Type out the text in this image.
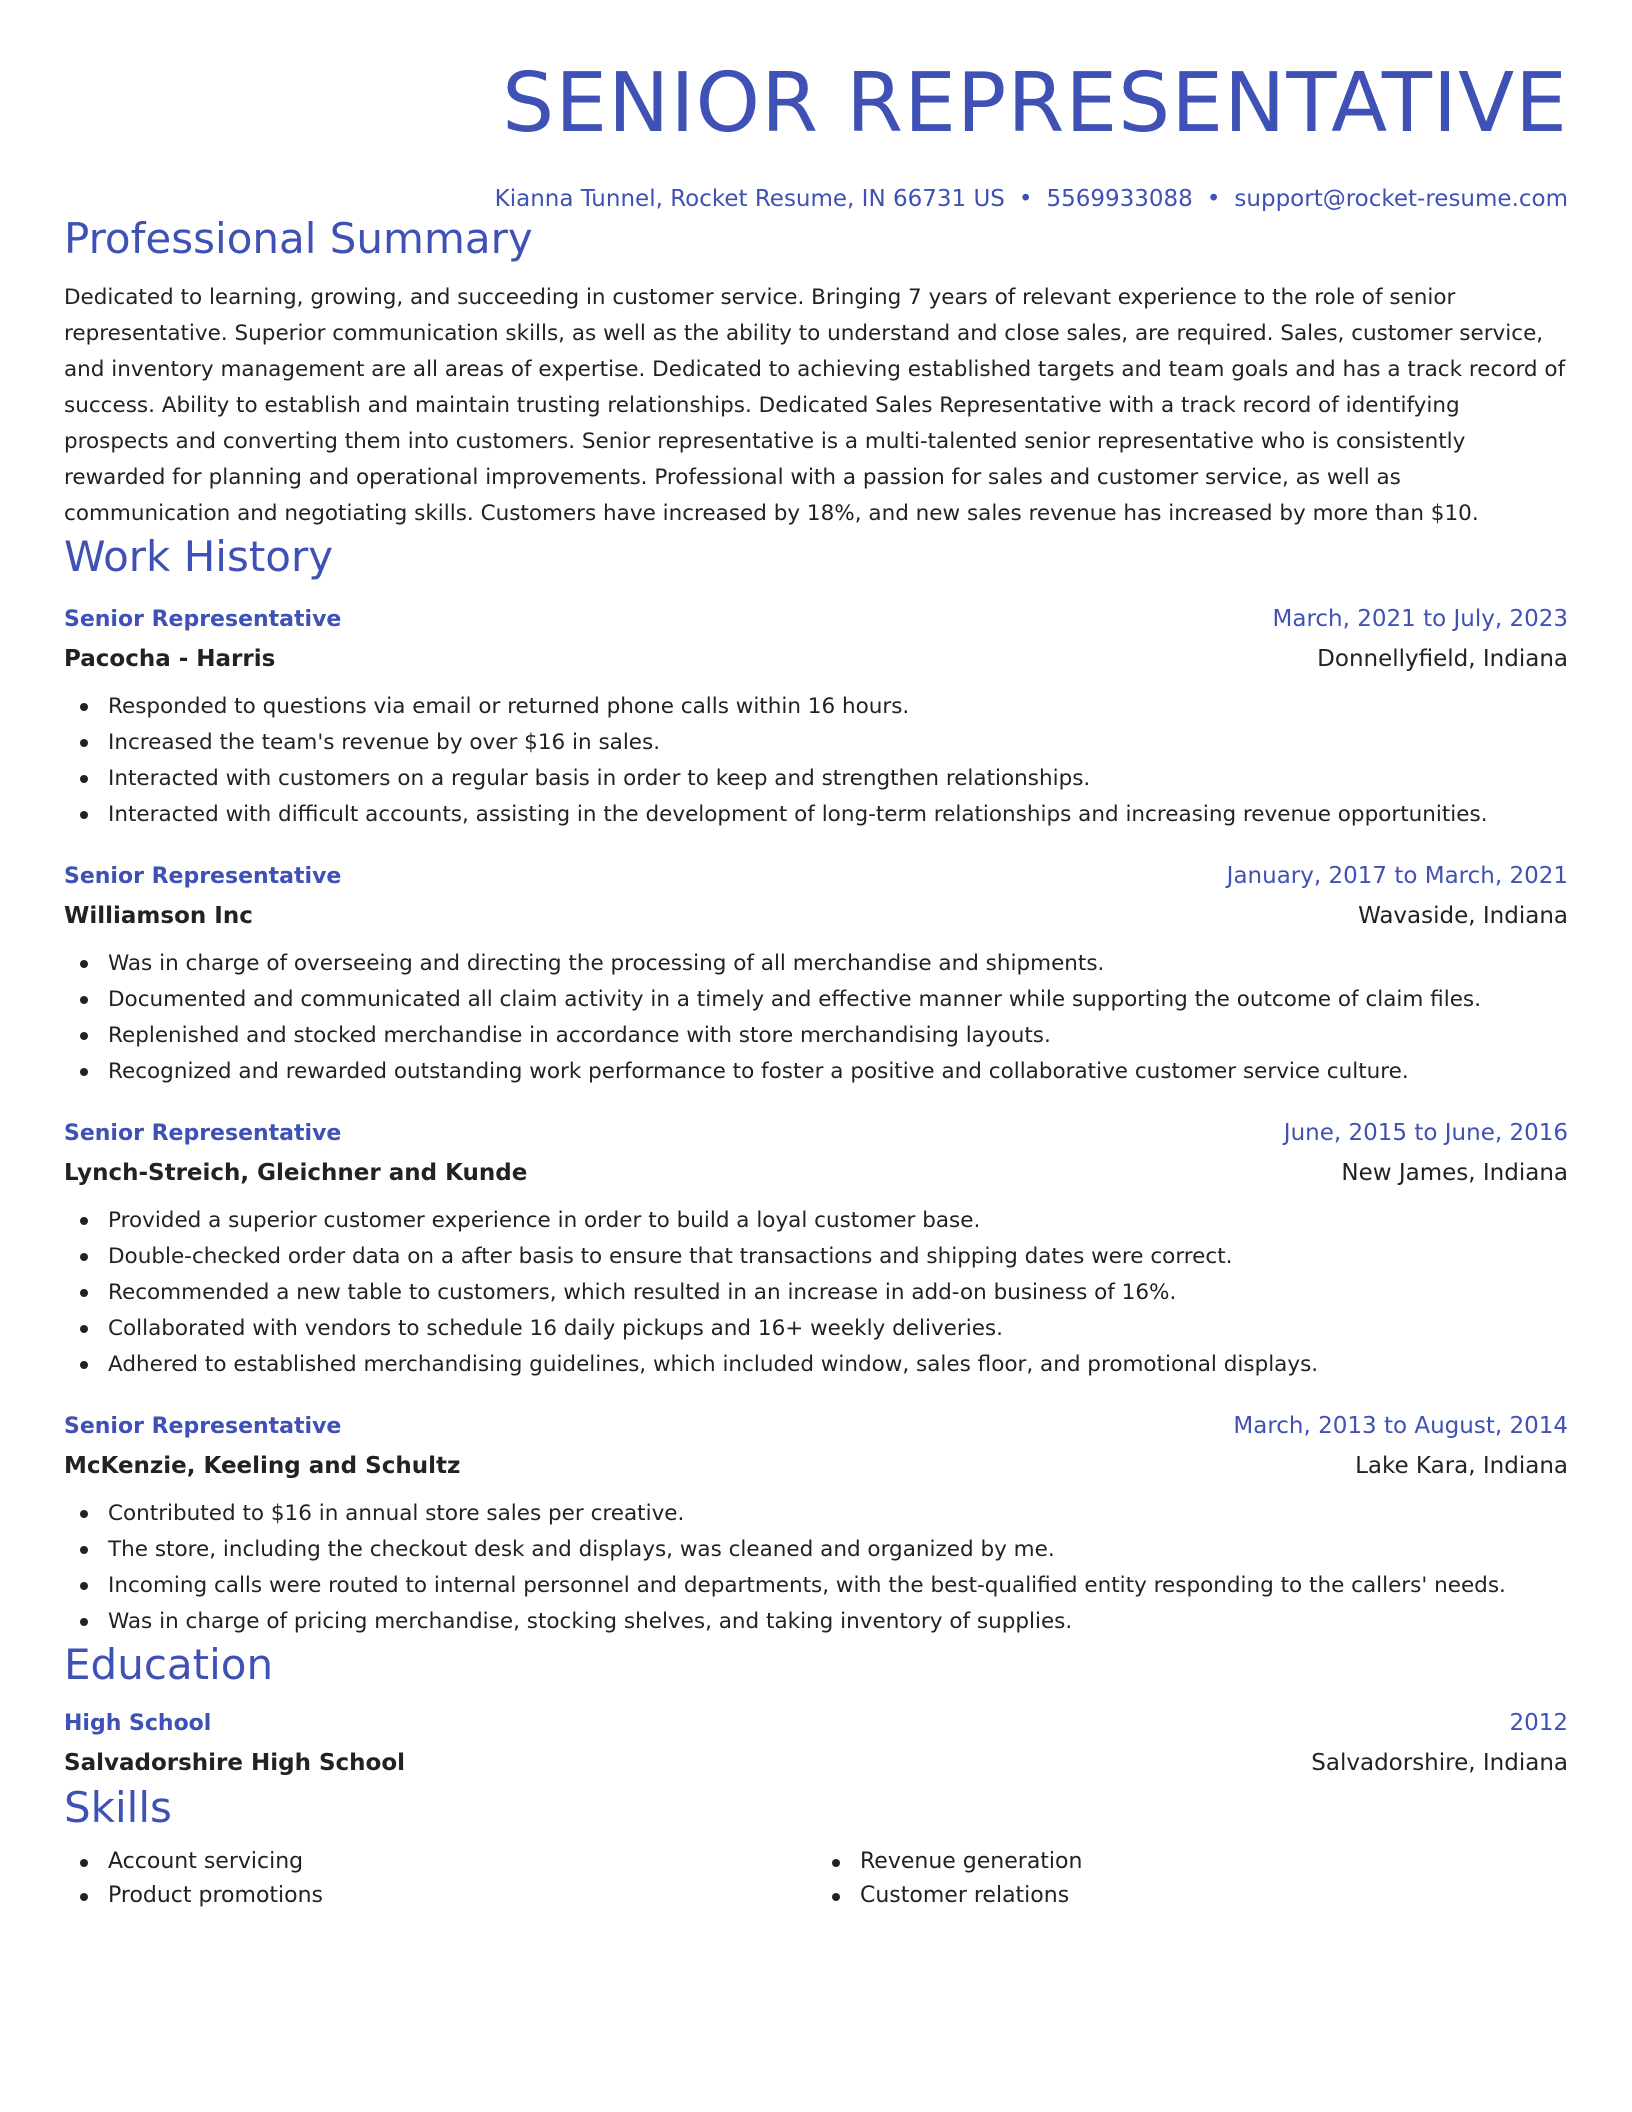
SENIOR REPRESENTATIVE
Kianna Tunnel, Rocket Resume, IN 66731 US • 5569933088 • support@rocket-resume.com
Professional Summary

Dedicated to learning, growing, and succeeding in customer service. Bringing 7 years of relevant experience to the role of senior representative. Superior communication skills, as well as the ability to understand and close sales, are required. Sales, customer service, and inventory management are all areas of expertise. Dedicated to achieving established targets and team goals and has a track record of success. Ability to establish and maintain trusting relationships. Dedicated Sales Representative with a track record of identifying prospects and converting them into customers. Senior representative is a multi-talented senior representative who is consistently rewarded for planning and operational improvements. Professional with a passion for sales and customer service, as well as communication and negotiating skills. Customers have increased by 18%, and new sales revenue has increased by more than $10.

Work History
Senior Representative	March, 2021 to July, 2023
Pacocha - Harris	Donnellyfield, Indiana
Responded to questions via email or returned phone calls within 16 hours.
Increased the team's revenue by over $16 in sales.
Interacted with customers on a regular basis in order to keep and strengthen relationships.
Interacted with difficult accounts, assisting in the development of long-term relationships and increasing revenue opportunities.
Senior Representative	January, 2017 to March, 2021
Williamson Inc	Wavaside, Indiana
Was in charge of overseeing and directing the processing of all merchandise and shipments.
Documented and communicated all claim activity in a timely and effective manner while supporting the outcome of claim files.
Replenished and stocked merchandise in accordance with store merchandising layouts.
Recognized and rewarded outstanding work performance to foster a positive and collaborative customer service culture.
Senior Representative	June, 2015 to June, 2016
Lynch-Streich, Gleichner and Kunde	New James, Indiana
Provided a superior customer experience in order to build a loyal customer base.
Double-checked order data on a after basis to ensure that transactions and shipping dates were correct.
Recommended a new table to customers, which resulted in an increase in add-on business of 16%.
Collaborated with vendors to schedule 16 daily pickups and 16+ weekly deliveries.
Adhered to established merchandising guidelines, which included window, sales floor, and promotional displays.
Senior Representative	March, 2013 to August, 2014
McKenzie, Keeling and Schultz	Lake Kara, Indiana
Contributed to $16 in annual store sales per creative.
The store, including the checkout desk and displays, was cleaned and organized by me.
Incoming calls were routed to internal personnel and departments, with the best-qualified entity responding to the callers' needs.
Was in charge of pricing merchandise, stocking shelves, and taking inventory of supplies.
Education
High School	2012
Salvadorshire High School	Salvadorshire, Indiana
Skills
Account servicing
Product promotions
Revenue generation
Customer relations
